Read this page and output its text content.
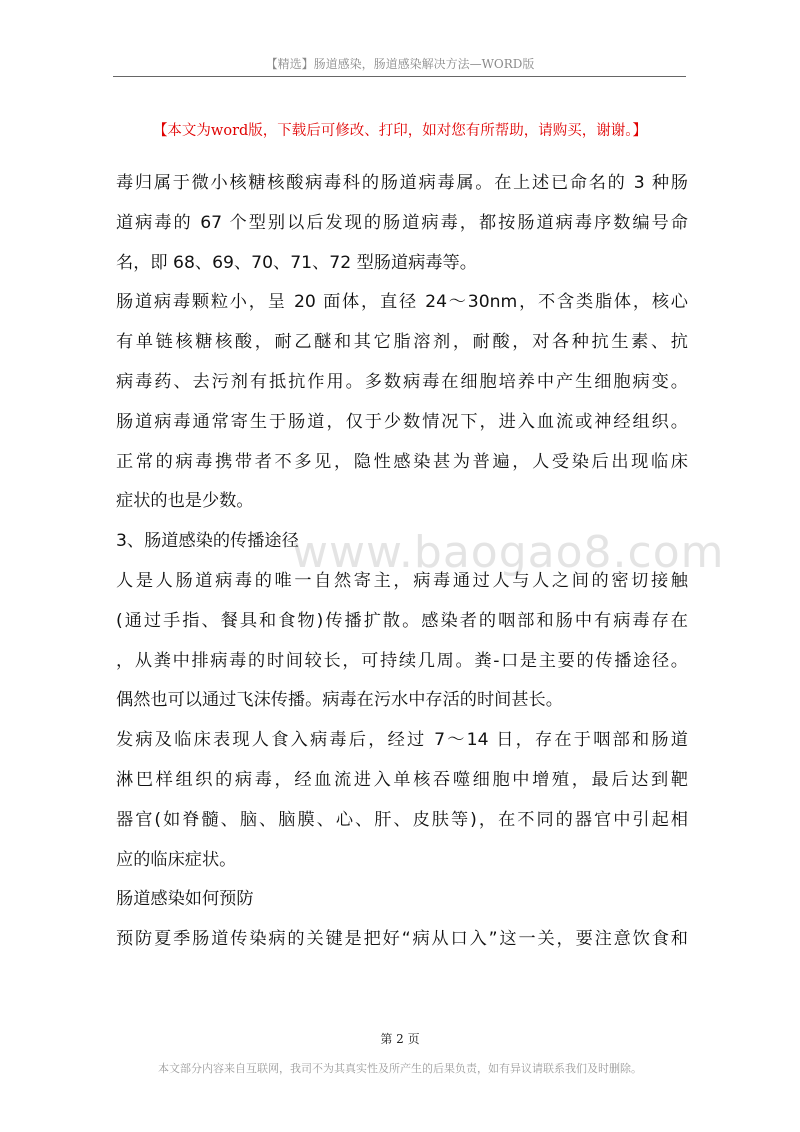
【精选】肠道感染，肠道感染解决方法—WORD版
【本文为word版，下载后可修改、打印，如对您有所帮助，请购买，谢谢。】
www.baogao8.com
毒归属于微小核糖核酸病毒科的肠道病毒属。在上述已命名的 3 种肠
道病毒的 67 个型别以后发现的肠道病毒，都按肠道病毒序数编号命
名，即 68、69、70、71、72 型肠道病毒等。
肠道病毒颗粒小，呈 20 面体，直径 24～30nm，不含类脂体，核心
有单链核糖核酸，耐乙醚和其它脂溶剂，耐酸，对各种抗生素、抗
病毒药、去污剂有抵抗作用。多数病毒在细胞培养中产生细胞病变。
肠道病毒通常寄生于肠道，仅于少数情况下，进入血流或神经组织。
正常的病毒携带者不多见，隐性感染甚为普遍，人受染后出现临床
症状的也是少数。
3、肠道感染的传播途径
人是人肠道病毒的唯一自然寄主，病毒通过人与人之间的密切接触
(通过手指、餐具和食物)传播扩散。感染者的咽部和肠中有病毒存在
，从粪中排病毒的时间较长，可持续几周。粪-口是主要的传播途径。
偶然也可以通过飞沫传播。病毒在污水中存活的时间甚长。
发病及临床表现人食入病毒后，经过 7～14 日，存在于咽部和肠道
淋巴样组织的病毒，经血流进入单核吞噬细胞中增殖，最后达到靶
器官(如脊髓、脑、脑膜、心、肝、皮肤等)，在不同的器官中引起相
应的临床症状。
肠道感染如何预防
预防夏季肠道传染病的关键是把好“病从口入”这一关，要注意饮食和
第 2 页
本文部分内容来自互联网，我司不为其真实性及所产生的后果负责，如有异议请联系我们及时删除。
